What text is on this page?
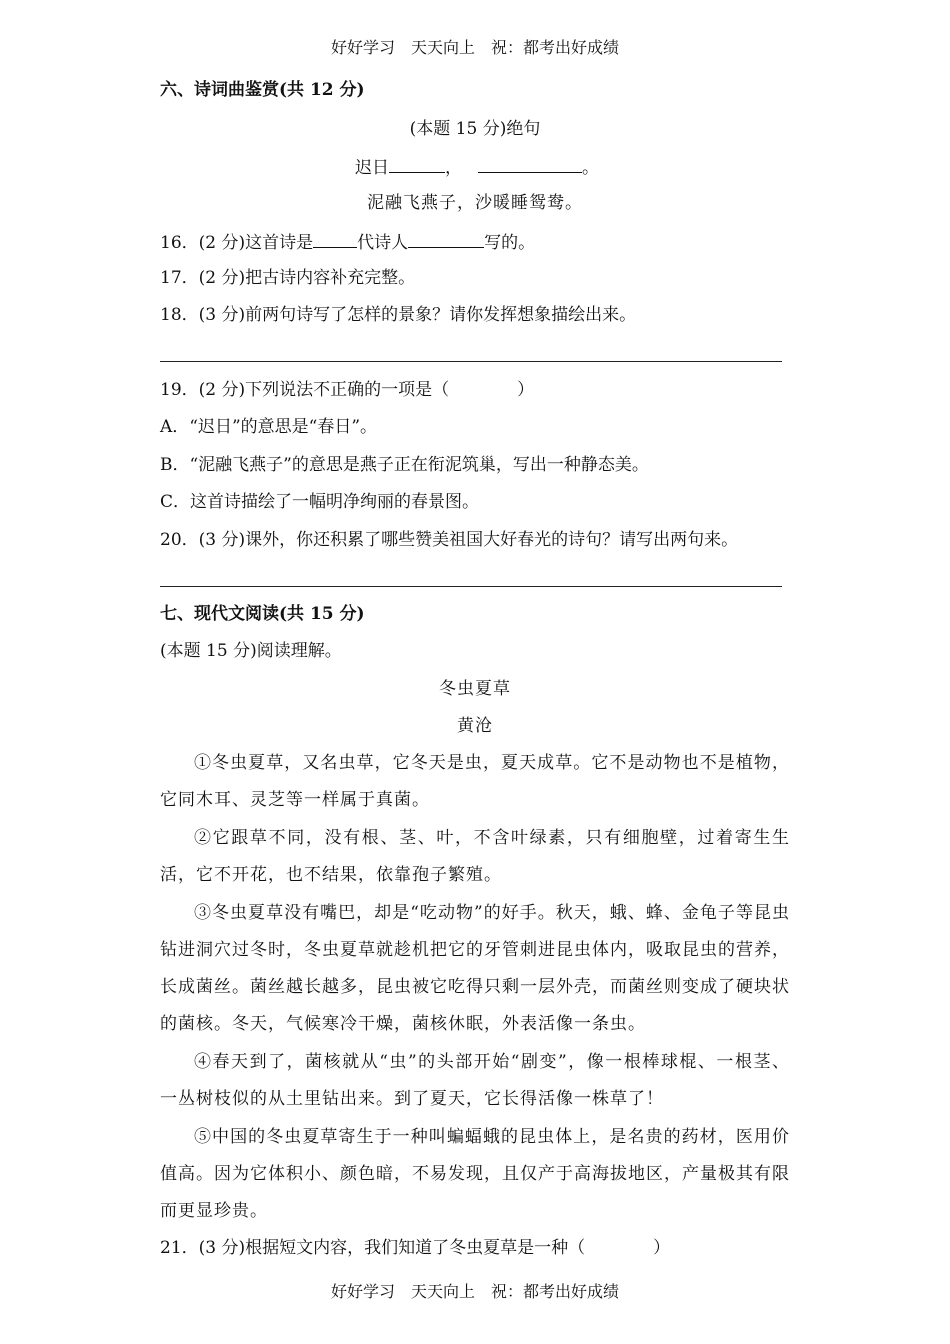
好好学习　天天向上　祝：都考出好成绩
六、诗词曲鉴赏(共 12 分)
(本题 15 分)绝句
迟日	，	。
泥融飞燕子，沙暖睡鸳鸯。
16．(2 分)这首诗是	代诗人	写的。
17．(2 分)把古诗内容补充完整。
18．(3 分)前两句诗写了怎样的景象？请你发挥想象描绘出来。
19．(2 分)下列说法不正确的一项是（　　　　）
A．“迟日”的意思是“春日”。
B．“泥融飞燕子”的意思是燕子正在衔泥筑巢，写出一种静态美。
C．这首诗描绘了一幅明净绚丽的春景图。
20．(3 分)课外，你还积累了哪些赞美祖国大好春光的诗句？请写出两句来。
七、现代文阅读(共 15 分)
(本题 15 分)阅读理解。
冬虫夏草
黄沧
①冬虫夏草，又名虫草，它冬天是虫，夏天成草。它不是动物也不是植物，它同木耳、灵芝等一样属于真菌。
②它跟草不同，没有根、茎、叶，不含叶绿素，只有细胞壁，过着寄生生活，它不开花，也不结果，依靠孢子繁殖。
③冬虫夏草没有嘴巴，却是“吃动物”的好手。秋天，蛾、蜂、金龟子等昆虫钻进洞穴过冬时，冬虫夏草就趁机把它的牙管刺进昆虫体内，吸取昆虫的营养，长成菌丝。菌丝越长越多，昆虫被它吃得只剩一层外壳，而菌丝则变成了硬块状的菌核。冬天，气候寒冷干燥，菌核休眠，外表活像一条虫。
④春天到了，菌核就从“虫”的头部开始“剧变”，像一根棒球棍、一根茎、一丛树枝似的从土里钻出来。到了夏天，它长得活像一株草了！
⑤中国的冬虫夏草寄生于一种叫蝙蝠蛾的昆虫体上，是名贵的药材，医用价值高。因为它体积小、颜色暗，不易发现，且仅产于高海拔地区，产量极其有限而更显珍贵。
21．(3 分)根据短文内容，我们知道了冬虫夏草是一种（　　　　）
好好学习　天天向上　祝：都考出好成绩
